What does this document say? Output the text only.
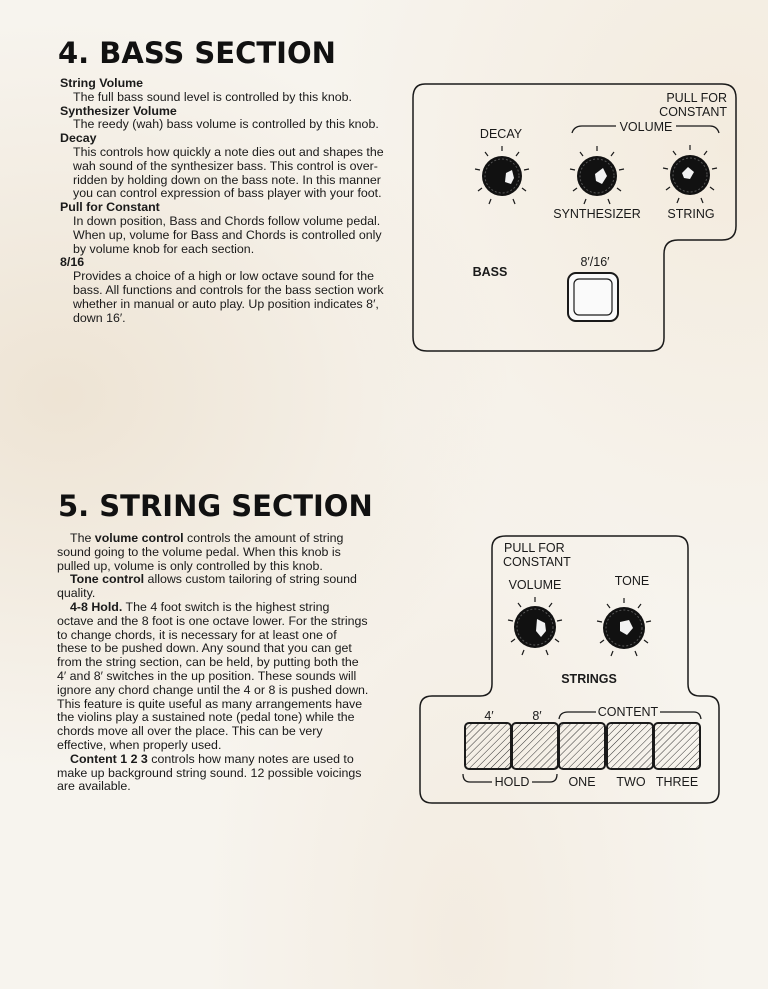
4. BASS SECTION
String Volume
The full bass sound level is controlled by this knob.
Synthesizer Volume
The reedy (wah) bass volume is controlled by this knob.
Decay
This controls how quickly a note dies out and shapes the wah sound of the synthesizer bass. This control is over-ridden by holding down on the bass note. In this manner you can control expression of bass player with your foot.
Pull for Constant
In down position, Bass and Chords follow volume pedal. When up, volume for Bass and Chords is controlled only by volume knob for each section.
8/16
Provides a choice of a high or low octave sound for the bass. All functions and controls for the bass section work whether in manual or auto play. Up position indicates 8′, down 16′.
PULL FOR
CONSTANT
VOLUME
DECAY
SYNTHESIZER STRING
BASS
8′/16′
PULL FOR
CONSTANT
VOLUME	TONE
STRINGS
4′	8′	CONTENT
HOLD	ONE TWO THREE
5. STRING SECTION

The volume control controls the amount of string sound going to the volume pedal. When this knob is pulled up, volume is only controlled by this knob.

Tone control allows custom tailoring of string sound quality.

4-8 Hold. The 4 foot switch is the highest string octave and the 8 foot is one octave lower. For the strings to change chords, it is necessary for at least one of these to be pushed down. Any sound that you can get from the string section, can be held, by putting both the 4′ and 8′ switches in the up position. These sounds will ignore any chord change until the 4 or 8 is pushed down. This feature is quite useful as many arrangements have the violins play a sustained note (pedal tone) while the chords move all over the place. This can be very effective, when properly used.

Content 1 2 3 controls how many notes are used to make up background string sound. 12 possible voicings are available.
